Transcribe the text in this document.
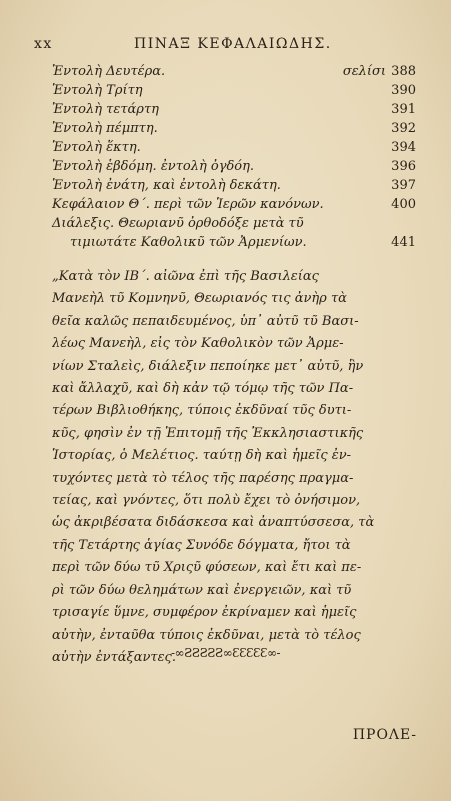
xx	ΠΙΝΑΞ ΚΕΦΑΛΑΙΩΔΗΣ.
Ἐντολὴ Δευτέρα.	σελίσι 388
Ἐντολὴ Τρίτη	390
Ἐντολὴ τετάρτη	391
Ἐντολὴ πέμπτη.	392
Ἐντολὴ ἕκτη.	394
Ἐντολὴ ἑβδόμη. ἐντολὴ ὀγδόη.	396
Ἐντολὴ ἐνάτη, καὶ ἐντολὴ δεκάτη.	397
Κεφάλαιον Θ΄. περὶ τῶν Ἱερῶν κανόνων.	400
Διάλεξις. Θεωριανῦ ὀρθοδόξε μετὰ τῦ
τιμιωτάτε Καθολικῦ τῶν Ἀρμενίων.	441
„Κατὰ τὸν ΙΒ΄. αἰῶνα ἐπὶ τῆς Βασιλείας
Μανεὴλ τῦ Κομνηνῦ, Θεωριανός τις ἀνὴρ τὰ
θεῖα καλῶς πεπαιδευμένος, ὑπ᾽ αὐτῦ τῦ Βασι-
λέως Μανεὴλ, εἰς τὸν Καθολικὸν τῶν Ἀρμε-
νίων Σταλεὶς, διάλεξιν πεποίηκε μετ᾽ αὐτῦ, ἣν
καὶ ἄλλαχῦ, καὶ δὴ κἀν τῷ τόμῳ τῆς τῶν Πα-
τέρων Βιβλιοθήκης, τύποις ἐκδῦναί τῦς δυτι-
κῦς, φησὶν ἐν τῇ Ἐπιτομῇ τῆς Ἐκκλησιαστικῆς
Ἱστορίας, ὁ Μελέτιος. ταύτῃ δὴ καὶ ἡμεῖς ἐν-
τυχόντες μετὰ τὸ τέλος τῆς παρέσης πραγμα-
τείας, καὶ γνόντες, ὅτι πολὺ ἔχει τὸ ὀνήσιμον,
ὡς ἀκριβέσατα διδάσκεσα καὶ ἀναπτύσσεσα, τὰ
τῆς Τετάρτης ἁγίας Συνόδε δόγματα, ἤτοι τὰ
περὶ τῶν δύω τῦ Χριςῦ φύσεων, καὶ ἔτι καὶ πε-
ρὶ τῶν δύω θελημάτων καὶ ἐνεργειῶν, καὶ τῦ
τρισαγίε ὕμνε, συμφέρον ἐκρίναμεν καὶ ἡμεῖς
αὐτὴν, ἐνταῦθα τύποις ἐκδῦναι, μετὰ τὸ τέλος
αὐτὴν ἐντάξαντες.
-∞ƧƧƧƧƧ∞ƐƐƐƐƐ∞-
ΠΡΟΛΕ-
